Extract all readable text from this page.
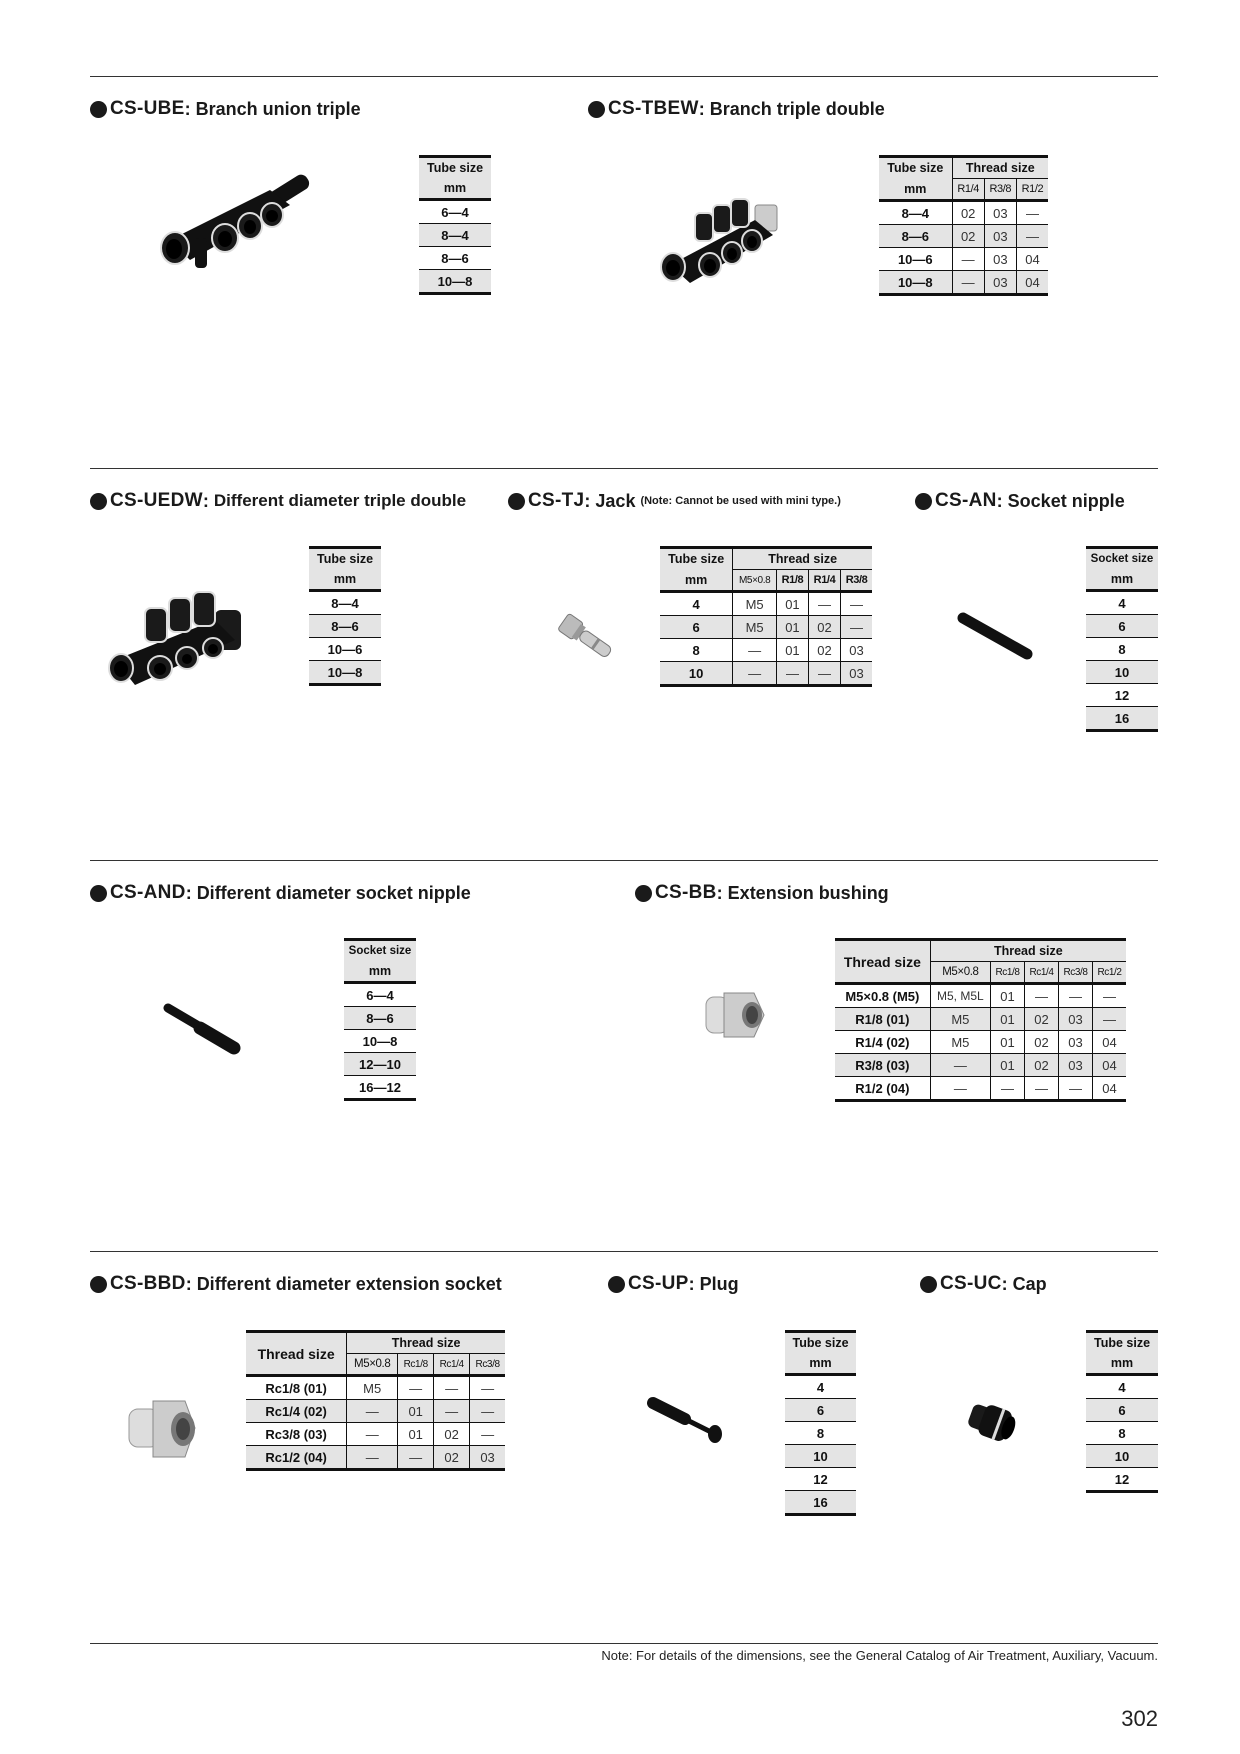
CS-UBE : Branch union triple
Tube size
mm
6—4
8—4
8—6
10—8
CS-TBEW : Branch triple double
Tube size	Thread size		
mm	R1/4	R3/8	R1/2
8—4	02	03	—
8—6	02	03	—
10—6	—	03	04
10—8	—	03	04
CS-UEDW : Different diameter triple double
Tube size
mm
8—4
8—6
10—6
10—8
CS-TJ : Jack (Note: Cannot be used with mini type.)
Tube size	Thread size			
mm	M5×0.8	R1/8	R1/4	R3/8
4	M5	01	—	—
6	M5	01	02	—
8	—	01	02	03
10	—	—	—	03
CS-AN : Socket nipple
Socket size
mm
4
6
8
10
12
16
CS-AND : Different diameter socket nipple
Socket size
mm
6—4
8—6
10—8
12—10
16—12
CS-BB : Extension bushing
Thread size	Thread size				
	M5×0.8	Rc1/8	Rc1/4	Rc3/8	Rc1/2
M5×0.8 (M5)	M5, M5L	01	—	—	—
R1/8 (01)	M5	01	02	03	—
R1/4 (02)	M5	01	02	03	04
R3/8 (03)	—	01	02	03	04
R1/2 (04)	—	—	—	—	04
CS-BBD : Different diameter extension socket
Thread size	Thread size			
	M5×0.8	Rc1/8	Rc1/4	Rc3/8
Rc1/8 (01)	M5	—	—	—
Rc1/4 (02)	—	01	—	—
Rc3/8 (03)	—	01	02	—
Rc1/2 (04)	—	—	02	03
CS-UP : Plug
Tube size
mm
4
6
8
10
12
16
CS-UC : Cap
Tube size
mm
4
6
8
10
12
Note: For details of the dimensions, see the General Catalog of Air Treatment, Auxiliary, Vacuum.
302
